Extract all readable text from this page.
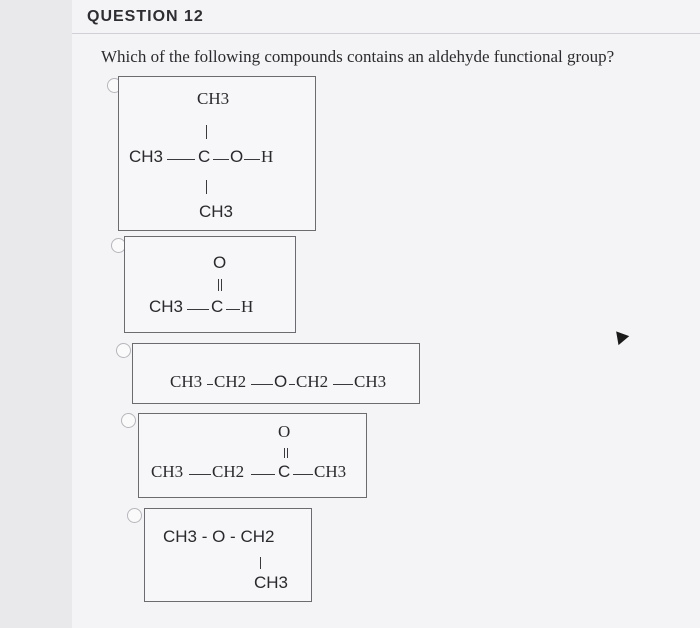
QUESTION 12
Which of the following compounds contains an aldehyde functional group?
CH3
CH3 C O H
CH3
O
CH3 C H
CH3 CH2 O CH2 CH3
O
CH3 CH2 C CH3
CH3 - O - CH2
CH3
